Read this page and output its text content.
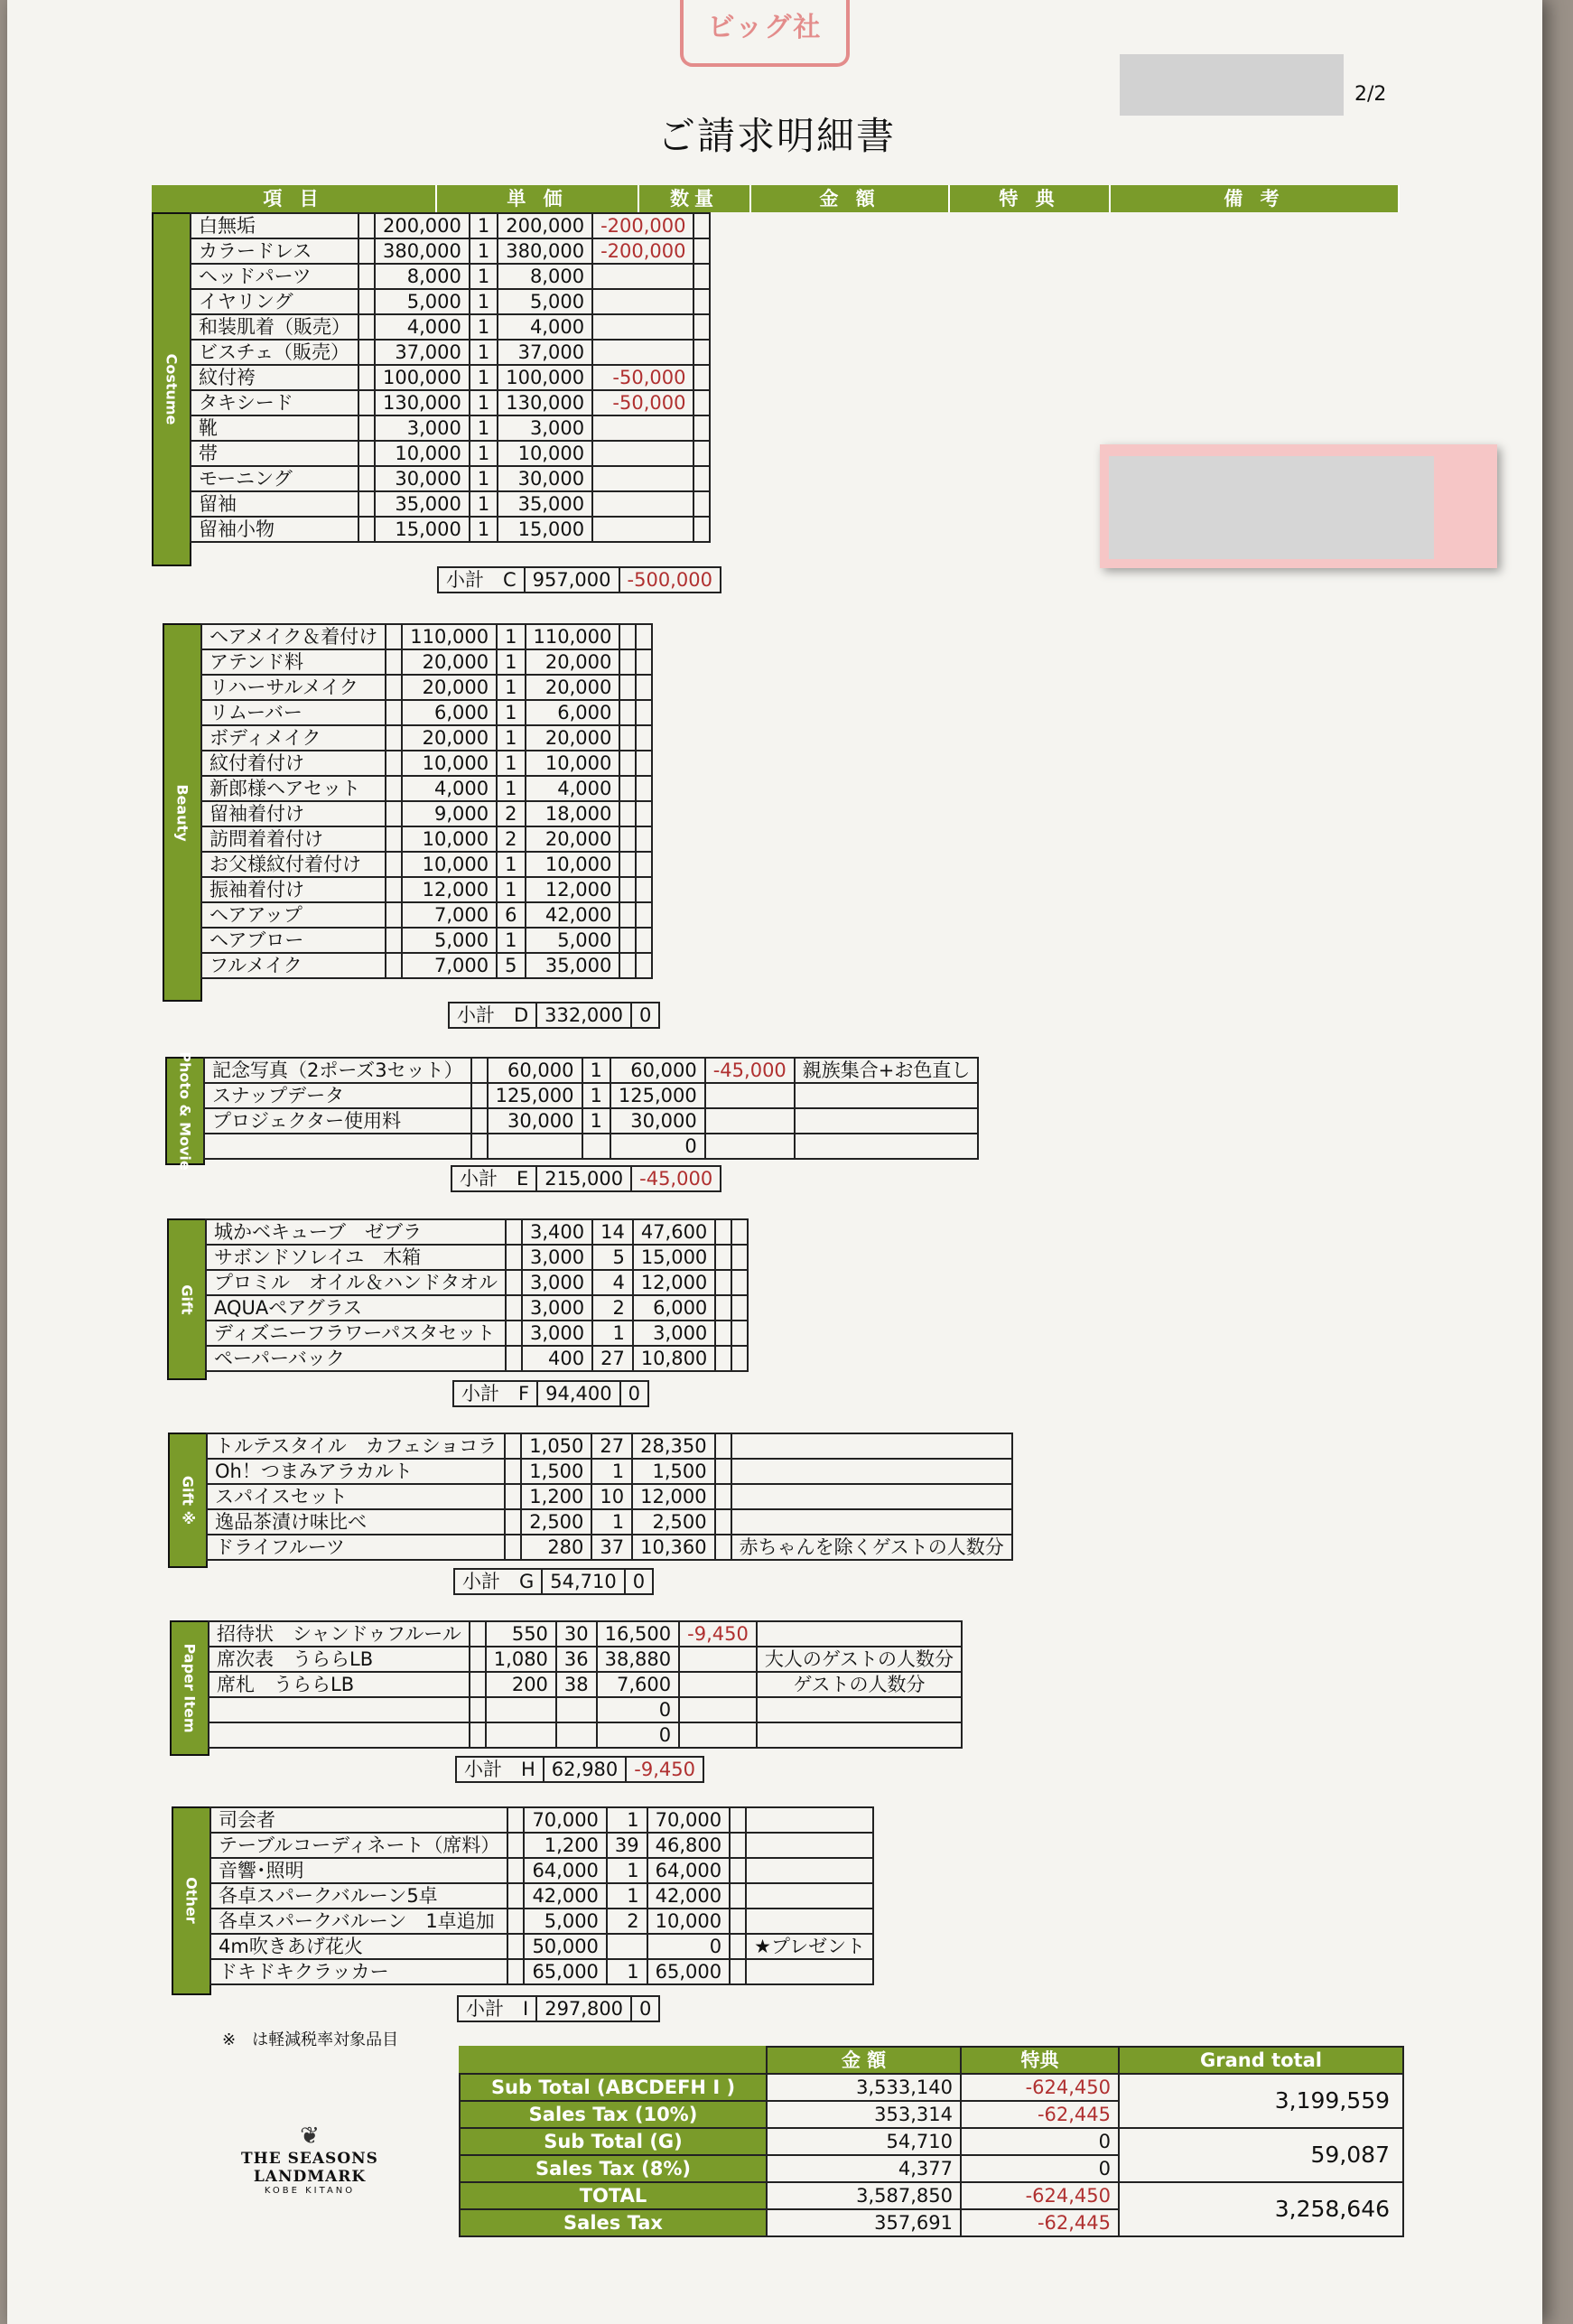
ビッグ社
2/2
ご請求明細書
項 目	単 価	数量	金 額	特 典	備 考
Costume
白無垢		200,000	1	200,000	-200,000	
カラードレス		380,000	1	380,000	-200,000	
ヘッドパーツ		8,000	1	8,000		
イヤリング		5,000	1	5,000		
和装肌着（販売）		4,000	1	4,000		
ビスチェ（販売）		37,000	1	37,000		
紋付袴		100,000	1	100,000	-50,000	
タキシード		130,000	1	130,000	-50,000	
靴		3,000	1	3,000		
帯		10,000	1	10,000		
モーニング		30,000	1	30,000		
留袖		35,000	1	35,000		
留袖小物		15,000	1	15,000		
小計　C	957,000	-500,000
Beauty
ヘアメイク＆着付け		110,000	1	110,000		
アテンド料		20,000	1	20,000		
リハーサルメイク		20,000	1	20,000		
リムーバー		6,000	1	6,000		
ボディメイク		20,000	1	20,000		
紋付着付け		10,000	1	10,000		
新郎様ヘアセット		4,000	1	4,000		
留袖着付け		9,000	2	18,000		
訪問着着付け		10,000	2	20,000		
お父様紋付着付け		10,000	1	10,000		
振袖着付け		12,000	1	12,000		
ヘアアップ		7,000	6	42,000		
ヘアブロー		5,000	1	5,000		
フルメイク		7,000	5	35,000		
小計　D	332,000	0
Photo & Movie 記念写真（2ポーズ3セット）		60,000	1	60,000	-45,000	親族集合+お色直し
スナップデータ		125,000	1	125,000		
プロジェクター使用料		30,000	1	30,000		
				0		
小計　E	215,000	-45,000
Gift
城かベキューブ　ゼブラ		3,400	14	47,600		
サボンドソレイユ　木箱		3,000	5	15,000		
プロミル　オイル＆ハンドタオル		3,000	4	12,000		
AQUAペアグラス		3,000	2	6,000		
ディズニーフラワーパスタセット		3,000	1	3,000		
ペーパーバック		400	27	10,800		
小計　F	94,400	0
Gift ※
トルテスタイル　カフェショコラ		1,050	27	28,350		
Oh！つまみアラカルト		1,500	1	1,500		
スパイスセット		1,200	10	12,000		
逸品茶漬け味比べ		2,500	1	2,500		
ドライフルーツ		280	37	10,360		赤ちゃんを除くゲストの人数分
小計　G	54,710	0
Paper Item
招待状　シャンドゥフルール		550	30	16,500	-9,450	
席次表　うららLB		1,080	36	38,880		大人のゲストの人数分
席札　うららLB		200	38	7,600		ゲストの人数分
				0		
				0		
小計　H	62,980	-9,450
Other
司会者		70,000	1	70,000		
テーブルコーディネート（席料）		1,200	39	46,800		
音響･照明		64,000	1	64,000		
各卓スパークバルーン5卓		42,000	1	42,000		
各卓スパークバルーン　1卓追加		5,000	2	10,000		
4m吹きあげ花火		50,000		0		★プレゼント
ドキドキクラッカー		65,000	1	65,000		
小計　I	297,800	0
※　は軽減税率対象品目
❦
THE SEASONS LANDMARK
KOBE KITANO
	金 額	特典	Grand total
Sub Total (ABCDEFH I )	3,533,140	-624,450	3,199,559
Sales Tax (10%)	353,314	-62,445	
Sub Total (G)	54,710	0	59,087
Sales Tax (8%)	4,377	0	
TOTAL	3,587,850	-624,450	3,258,646
Sales Tax	357,691	-62,445	
